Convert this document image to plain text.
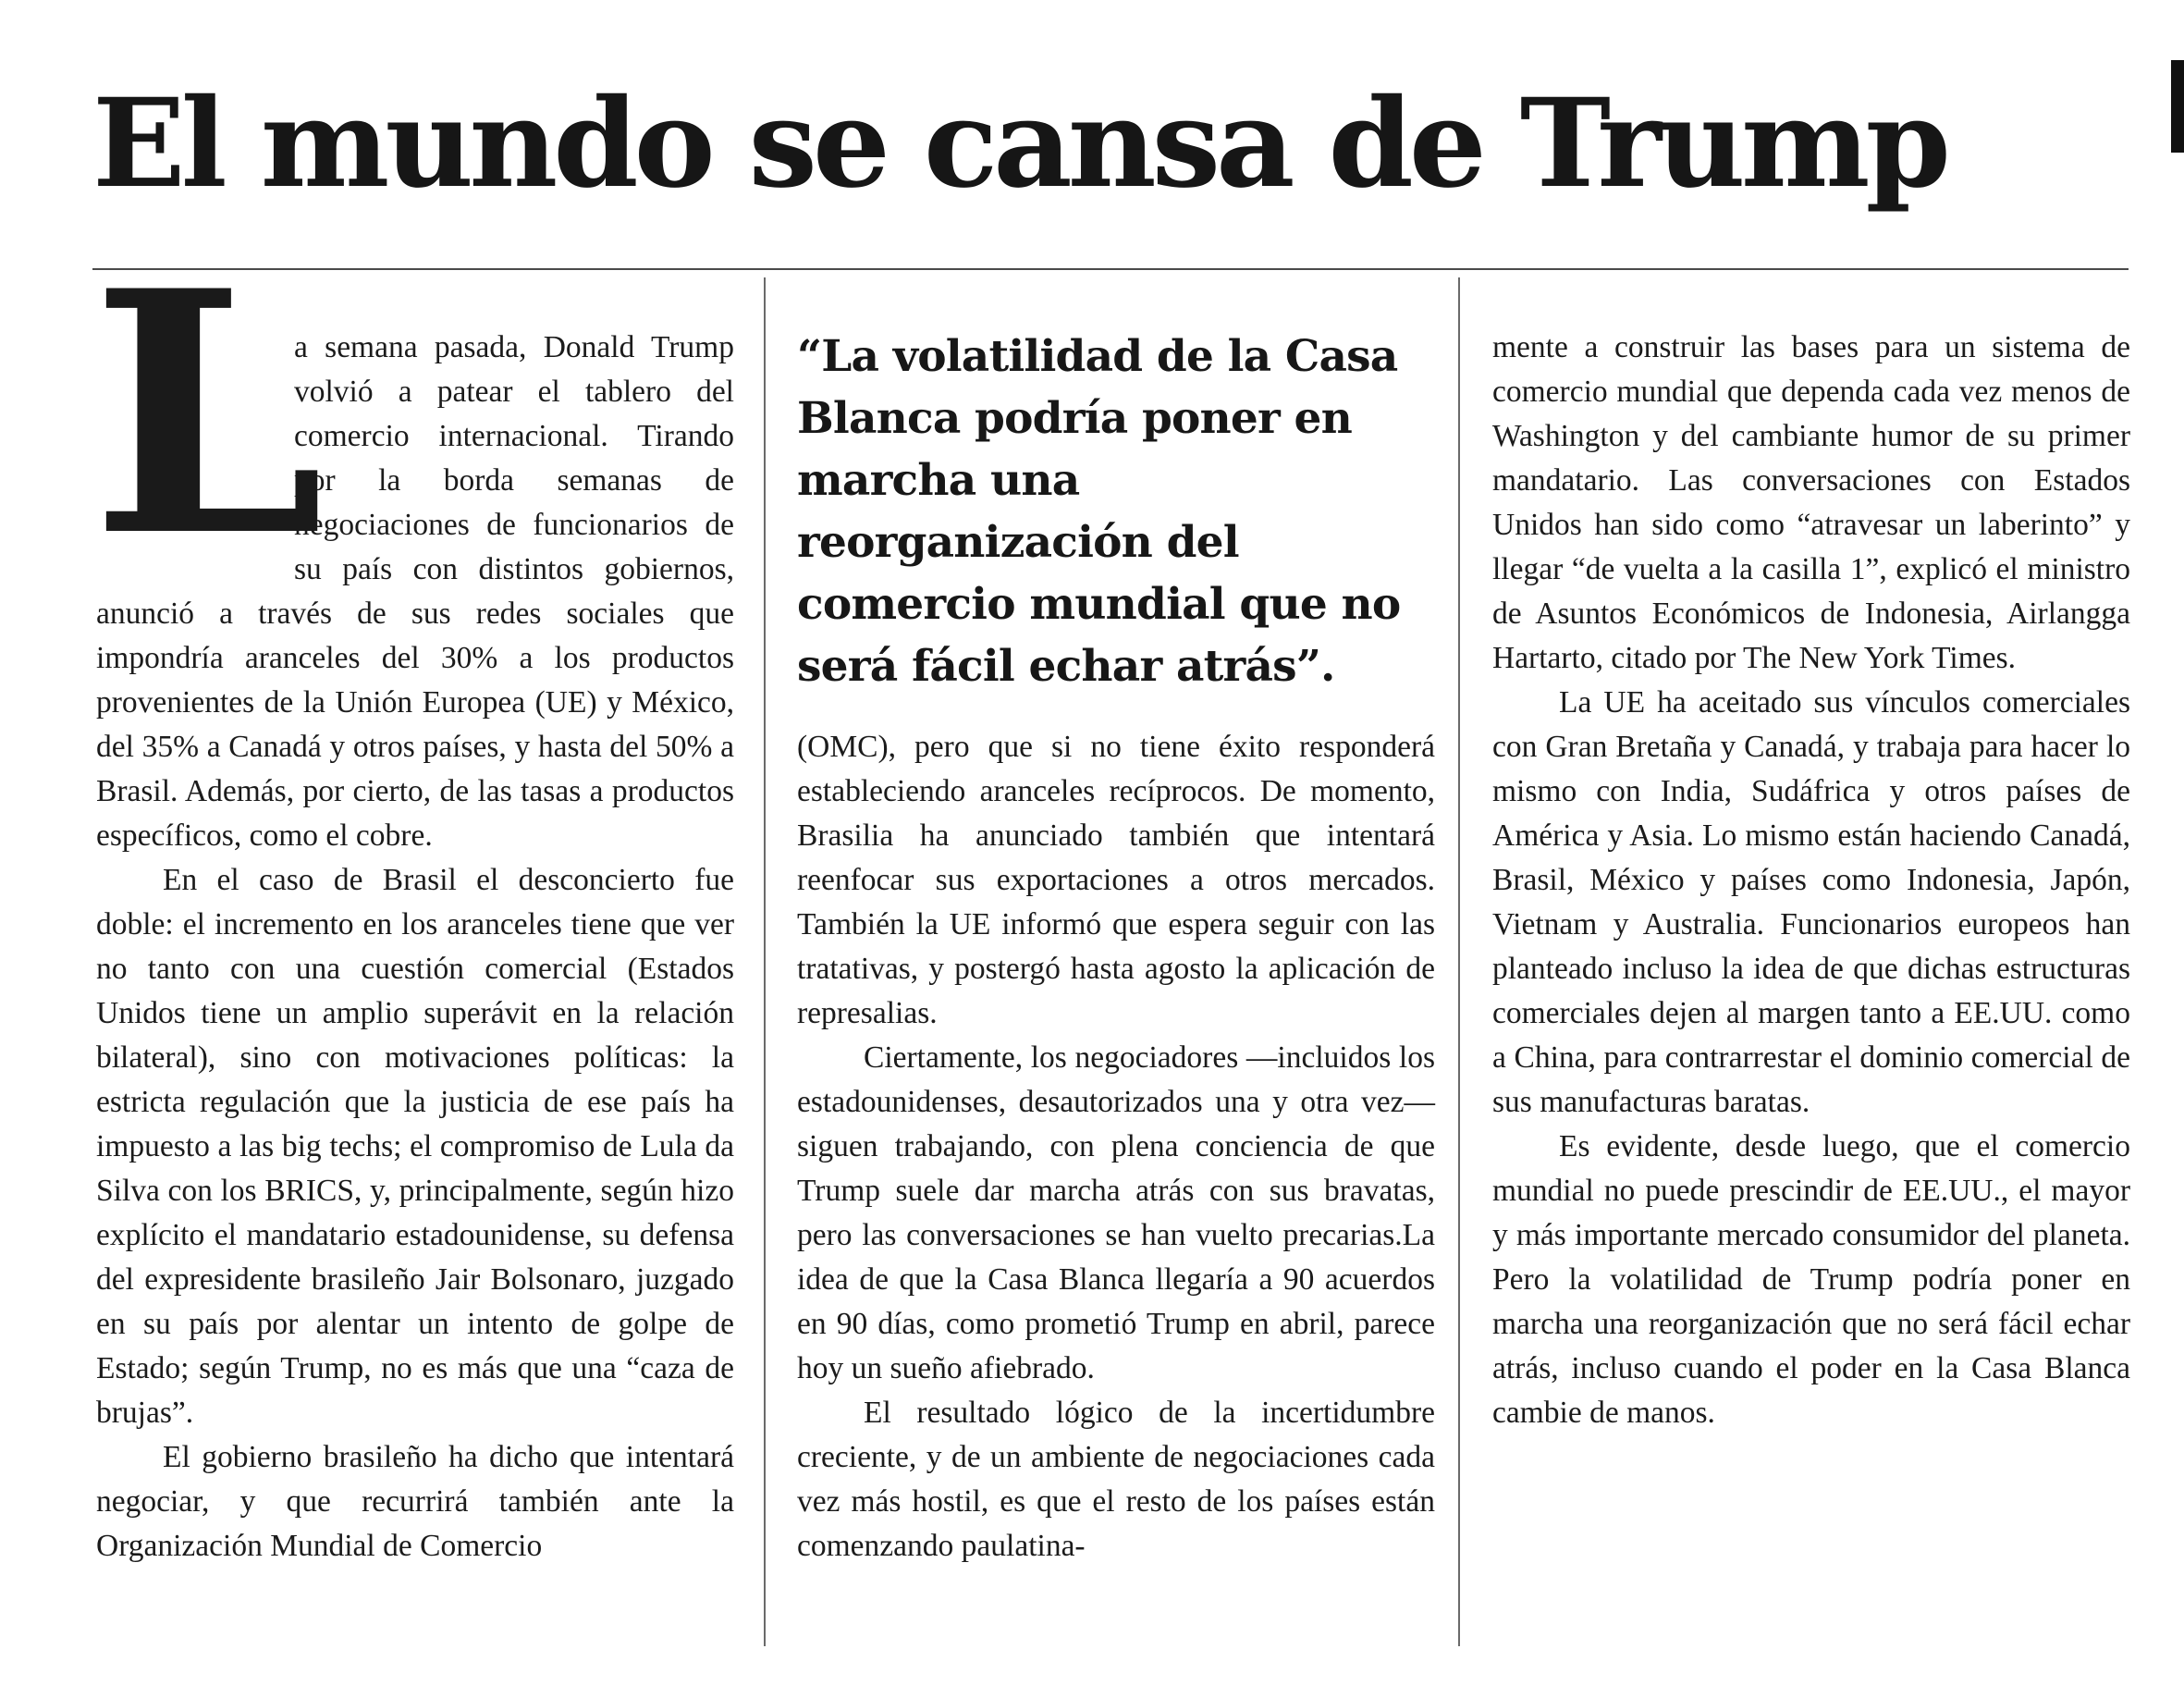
El mundo se cansa de Trump
L

a semana pasada, Donald Trump volvió a patear el tablero del comercio internacional. Tirando por la borda semanas de negociaciones de funcionarios de su país con distintos gobiernos, anunció a través de sus redes sociales que impondría aranceles del 30% a los productos provenientes de la Unión Europea (UE) y México, del 35% a Canadá y otros países, y hasta del 50% a Brasil. Además, por cierto, de las tasas a productos específicos, como el cobre.

En el caso de Brasil el desconcierto fue doble: el incremento en los aranceles tiene que ver no tanto con una cuestión comercial (Estados Unidos tiene un amplio superávit en la relación bilateral), sino con motivaciones políticas: la estricta regulación que la justicia de ese país ha impuesto a las big techs; el compromiso de Lula da Silva con los BRICS, y, principalmente, según hizo explícito el mandatario estadounidense, su defensa del expresidente brasileño Jair Bolsonaro, juzgado en su país por alentar un intento de golpe de Estado; según Trump, no es más que una “caza de brujas”.

El gobierno brasileño ha dicho que intentará negociar, y que recurrirá también ante la Organización Mundial de Comercio

“La volatilidad de la Casa Blanca podría poner en marcha una reorganización del comercio mundial que no será fácil echar atrás”.

(OMC), pero que si no tiene éxito responderá estableciendo aranceles recíprocos. De momento, Brasilia ha anunciado también que intentará reenfocar sus exportaciones a otros mercados. También la UE informó que espera seguir con las tratativas, y postergó hasta agosto la aplicación de represalias.

Ciertamente, los negociadores —incluidos los estadounidenses, desautorizados una y otra vez— siguen trabajando, con plena conciencia de que Trump suele dar marcha atrás con sus bravatas, pero las conversaciones se han vuelto precarias.La idea de que la Casa Blanca llegaría a 90 acuerdos en 90 días, como prometió Trump en abril, parece hoy un sueño afiebrado.

El resultado lógico de la incertidumbre creciente, y de un ambiente de negociaciones cada vez más hostil, es que el resto de los países están comenzando paulatina-

mente a construir las bases para un sistema de comercio mundial que dependa cada vez menos de Washington y del cambiante humor de su primer mandatario. Las conversaciones con Estados Unidos han sido como “atravesar un laberinto” y llegar “de vuelta a la casilla 1”, explicó el ministro de Asuntos Económicos de Indonesia, Airlangga Hartarto, citado por The New York Times.

La UE ha aceitado sus vínculos comerciales con Gran Bretaña y Canadá, y trabaja para hacer lo mismo con India, Sudáfrica y otros países de América y Asia. Lo mismo están haciendo Canadá, Brasil, México y países como Indonesia, Japón, Vietnam y Australia. Funcionarios europeos han planteado incluso la idea de que dichas estructuras comerciales dejen al margen tanto a EE.UU. como a China, para contrarrestar el dominio comercial de sus manufacturas baratas.

Es evidente, desde luego, que el comercio mundial no puede prescindir de EE.UU., el mayor y más importante mercado consumidor del planeta. Pero la volatilidad de Trump podría poner en marcha una reorganización que no será fácil echar atrás, incluso cuando el poder en la Casa Blanca cambie de manos.
